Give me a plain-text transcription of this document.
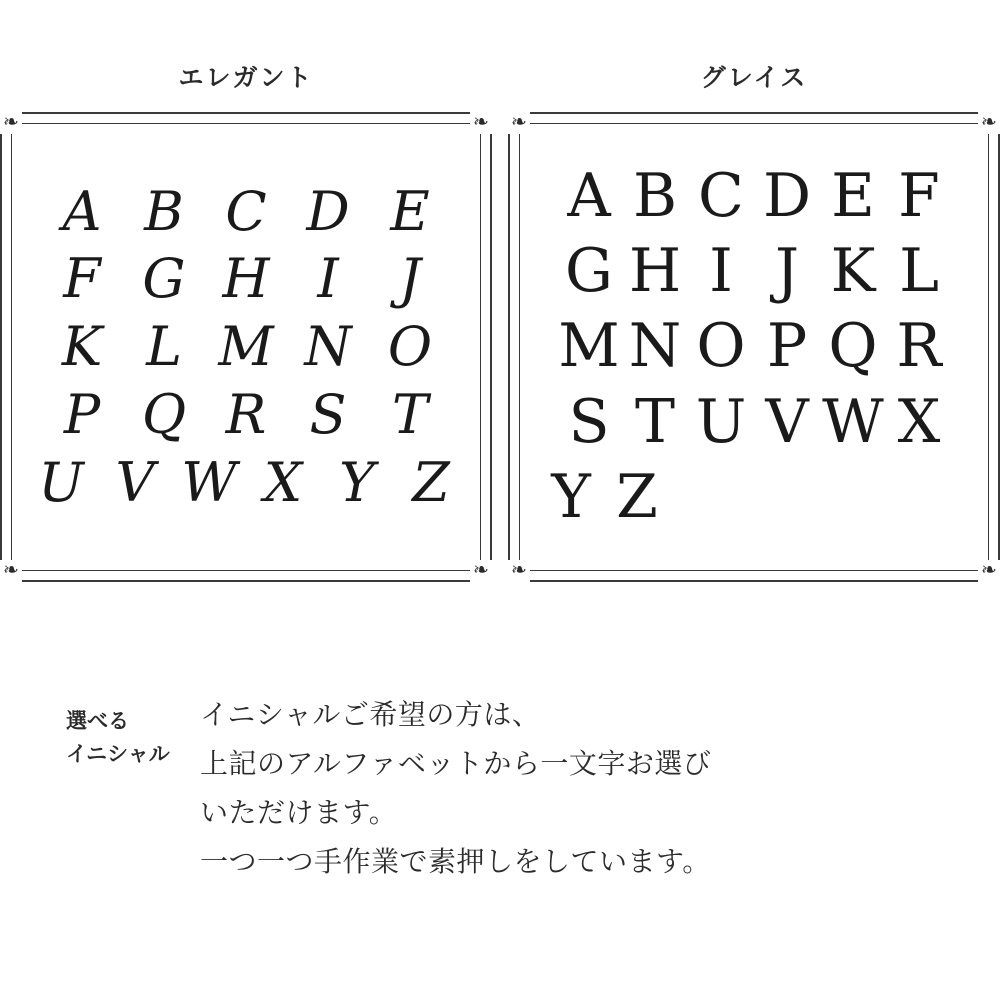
エレガント
❧	❧
❧	❧
A B C D E
F G H I	J
K L M N O
P Q R S T
U V W X Y Z
グレイス
❧	❧
❧	❧
A B C D E F
G H I J K L
M N O P Q R
S T U V W X
Y Z
選べる
イニシャル

イニシャルご希望の方は、

上記のアルファベットから一文字お選び

いただけます。

一つ一つ手作業で素押しをしています。
